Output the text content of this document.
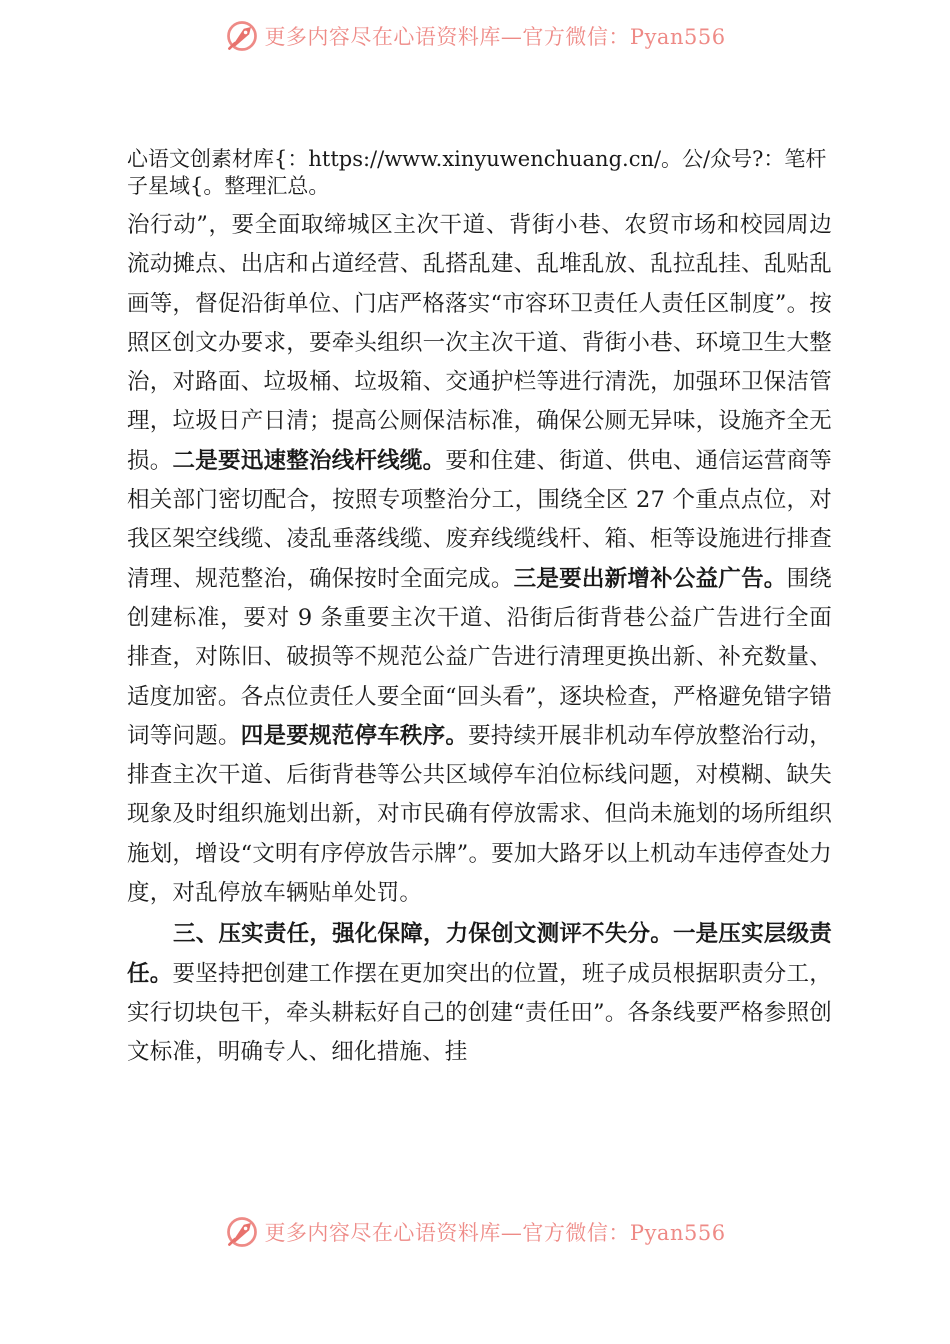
更多内容尽在心语资料库—官方微信：Pyan556

心语文创素材库{：https://www.xinyuwenchuang.cn/。公/众号?：笔杆子星域{。整理汇总。

治行动”，要全面取缔城区主次干道、背街小巷、农贸市场和校园周边流动摊点、出店和占道经营、乱搭乱建、乱堆乱放、乱拉乱挂、乱贴乱画等，督促沿街单位、门店严格落实“市容环卫责任人责任区制度”。按照区创文办要求，要牵头组织一次主次干道、背街小巷、环境卫生大整治，对路面、垃圾桶、垃圾箱、交通护栏等进行清洗，加强环卫保洁管理，垃圾日产日清；提高公厕保洁标准，确保公厕无异味，设施齐全无损。二是要迅速整治线杆线缆。要和住建、街道、供电、通信运营商等相关部门密切配合，按照专项整治分工，围绕全区 27 个重点点位，对我区架空线缆、凌乱垂落线缆、废弃线缆线杆、箱、柜等设施进行排查清理、规范整治，确保按时全面完成。三是要出新增补公益广告。围绕创建标准，要对 9 条重要主次干道、沿街后街背巷公益广告进行全面排查，对陈旧、破损等不规范公益广告进行清理更换出新、补充数量、适度加密。各点位责任人要全面“回头看”，逐块检查，严格避免错字错词等问题。四是要规范停车秩序。要持续开展非机动车停放整治行动，排查主次干道、后街背巷等公共区域停车泊位标线问题，对模糊、缺失现象及时组织施划出新，对市民确有停放需求、但尚未施划的场所组织施划，增设“文明有序停放告示牌”。要加大路牙以上机动车违停查处力度，对乱停放车辆贴单处罚。

三、压实责任，强化保障，力保创文测评不失分。一是压实层级责任。要坚持把创建工作摆在更加突出的位置，班子成员根据职责分工，实行切块包干，牵头耕耘好自己的创建“责任田”。各条线要严格参照创文标准，明确专人、细化措施、挂

更多内容尽在心语资料库—官方微信：Pyan556
